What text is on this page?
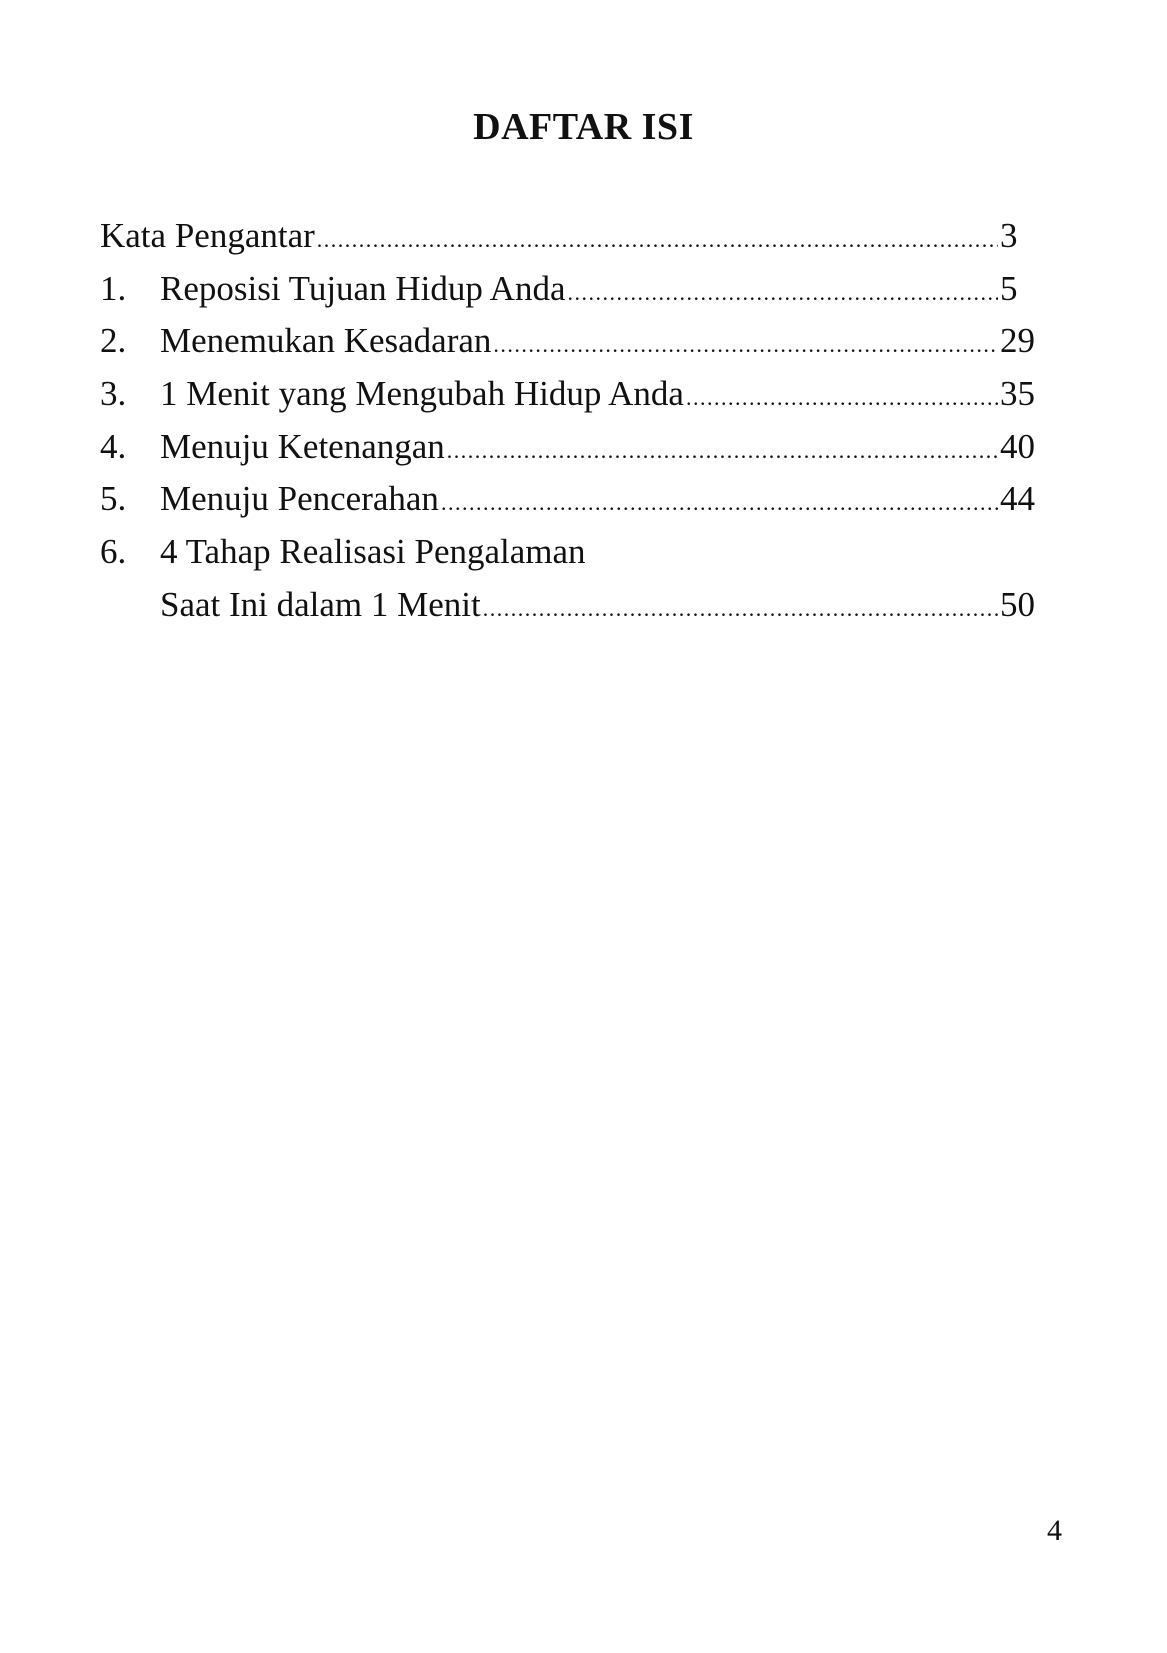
DAFTAR ISI
Kata Pengantar .....	3
1. Reposisi Tujuan Hidup Anda .....	5
2. Menemukan Kesadaran .....	29
3. 1 Menit yang Mengubah Hidup Anda .....	35
4. Menuju Ketenangan .....	40
5. Menuju Pencerahan .....	44
6. 4 Tahap Realisasi Pengalaman
Saat Ini dalam 1 Menit .....	50
4
